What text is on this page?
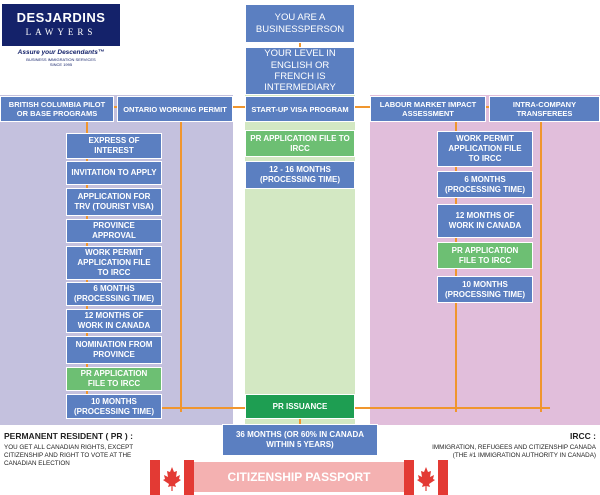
DESJARDINS
LAWYERS
Assure your Descendants™
BUSINESS IMMIGRATION SERVICES
SINCE 1995
YOU ARE A BUSINESSPERSON
YOUR LEVEL IN ENGLISH OR FRENCH IS INTERMEDIARY
BRITISH COLUMBIA PILOT OR BASE PROGRAMS	ONTARIO WORKING PERMIT	START-UP VISA PROGRAM	LABOUR MARKET IMPACT ASSESSMENT
INTRA-COMPANY TRANSFEREES
EXPRESS OF INTEREST
INVITATION TO APPLY
APPLICATION FOR TRV (TOURIST VISA)
PROVINCE APPROVAL
WORK PERMIT APPLICATION FILE TO IRCC
6 MONTHS (PROCESSING TIME)
12 MONTHS OF WORK IN CANADA
NOMINATION FROM PROVINCE
PR APPLICATION FILE TO IRCC
10 MONTHS (PROCESSING TIME)
PR APPLICATION FILE TO IRCC
12 - 16 MONTHS (PROCESSING TIME)
WORK PERMIT APPLICATION FILE TO IRCC
6 MONTHS (PROCESSING TIME)
12 MONTHS OF WORK IN CANADA
PR APPLICATION FILE TO IRCC
10 MONTHS (PROCESSING TIME)
PR ISSUANCE
36 MONTHS (OR 60% IN CANADA WITHIN 5 YEARS)
CITIZENSHIP PASSPORT
PERMANENT RESIDENT ( PR ) :
YOU GET ALL CANADIAN RIGHTS, EXCEPT CITIZENSHIP AND RIGHT TO VOTE AT THE CANADIAN ELECTION
IRCC :
IMMIGRATION, REFUGEES AND CITIZENSHIP CANADA (THE #1 IMMIGRATION AUTHORITY IN CANADA)
